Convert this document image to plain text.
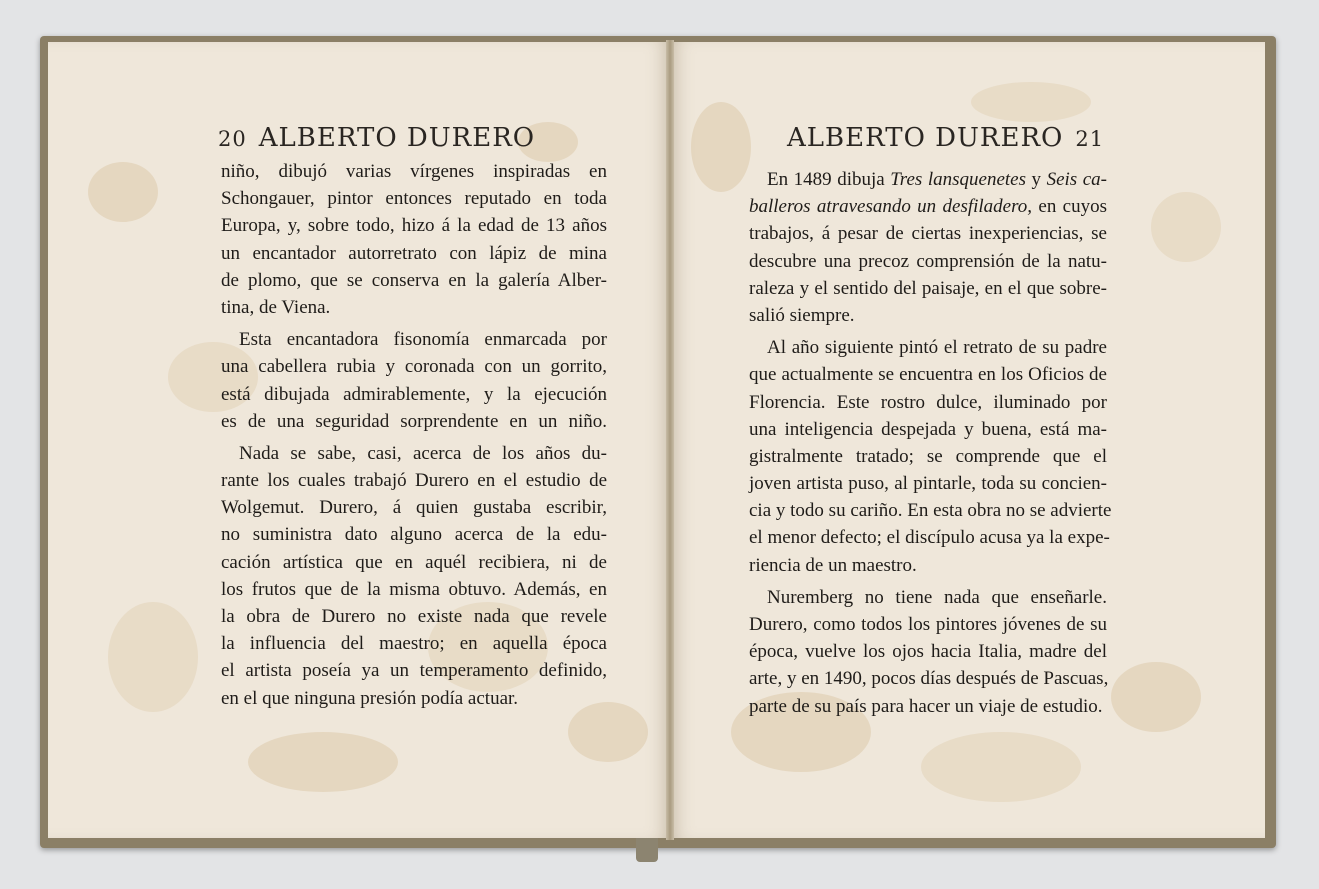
20 ALBERTO DURERO	ALBERTO DURERO 21
niño, dibujó varias vírgenes inspiradas en
Schongauer, pintor entonces reputado en toda
Europa, y, sobre todo, hizo á la edad de 13 años
un encantador autorretrato con lápiz de mina
de plomo, que se conserva en la galería Alber-
tina, de Viena.
Esta encantadora fisonomía enmarcada por
una cabellera rubia y coronada con un gorrito,
está dibujada admirablemente, y la ejecución
es de una seguridad sorprendente en un niño.
Nada se sabe, casi, acerca de los años du-
rante los cuales trabajó Durero en el estudio de
Wolgemut. Durero, á quien gustaba escribir,
no suministra dato alguno acerca de la edu-
cación artística que en aquél recibiera, ni de
los frutos que de la misma obtuvo. Además, en
la obra de Durero no existe nada que revele
la influencia del maestro; en aquella época
el artista poseía ya un temperamento definido,
en el que ninguna presión podía actuar.
En 1489 dibuja Tres lansquenetes y Seis ca-
balleros atravesando un desfiladero, en cuyos
trabajos, á pesar de ciertas inexperiencias, se
descubre una precoz comprensión de la natu-
raleza y el sentido del paisaje, en el que sobre-
salió siempre.
Al año siguiente pintó el retrato de su padre
que actualmente se encuentra en los Oficios de
Florencia. Este rostro dulce, iluminado por
una inteligencia despejada y buena, está ma-
gistralmente tratado; se comprende que el
joven artista puso, al pintarle, toda su concien-
cia y todo su cariño. En esta obra no se advierte
el menor defecto; el discípulo acusa ya la expe-
riencia de un maestro.
Nuremberg no tiene nada que enseñarle.
Durero, como todos los pintores jóvenes de su
época, vuelve los ojos hacia Italia, madre del
arte, y en 1490, pocos días después de Pascuas,
parte de su país para hacer un viaje de estudio.
